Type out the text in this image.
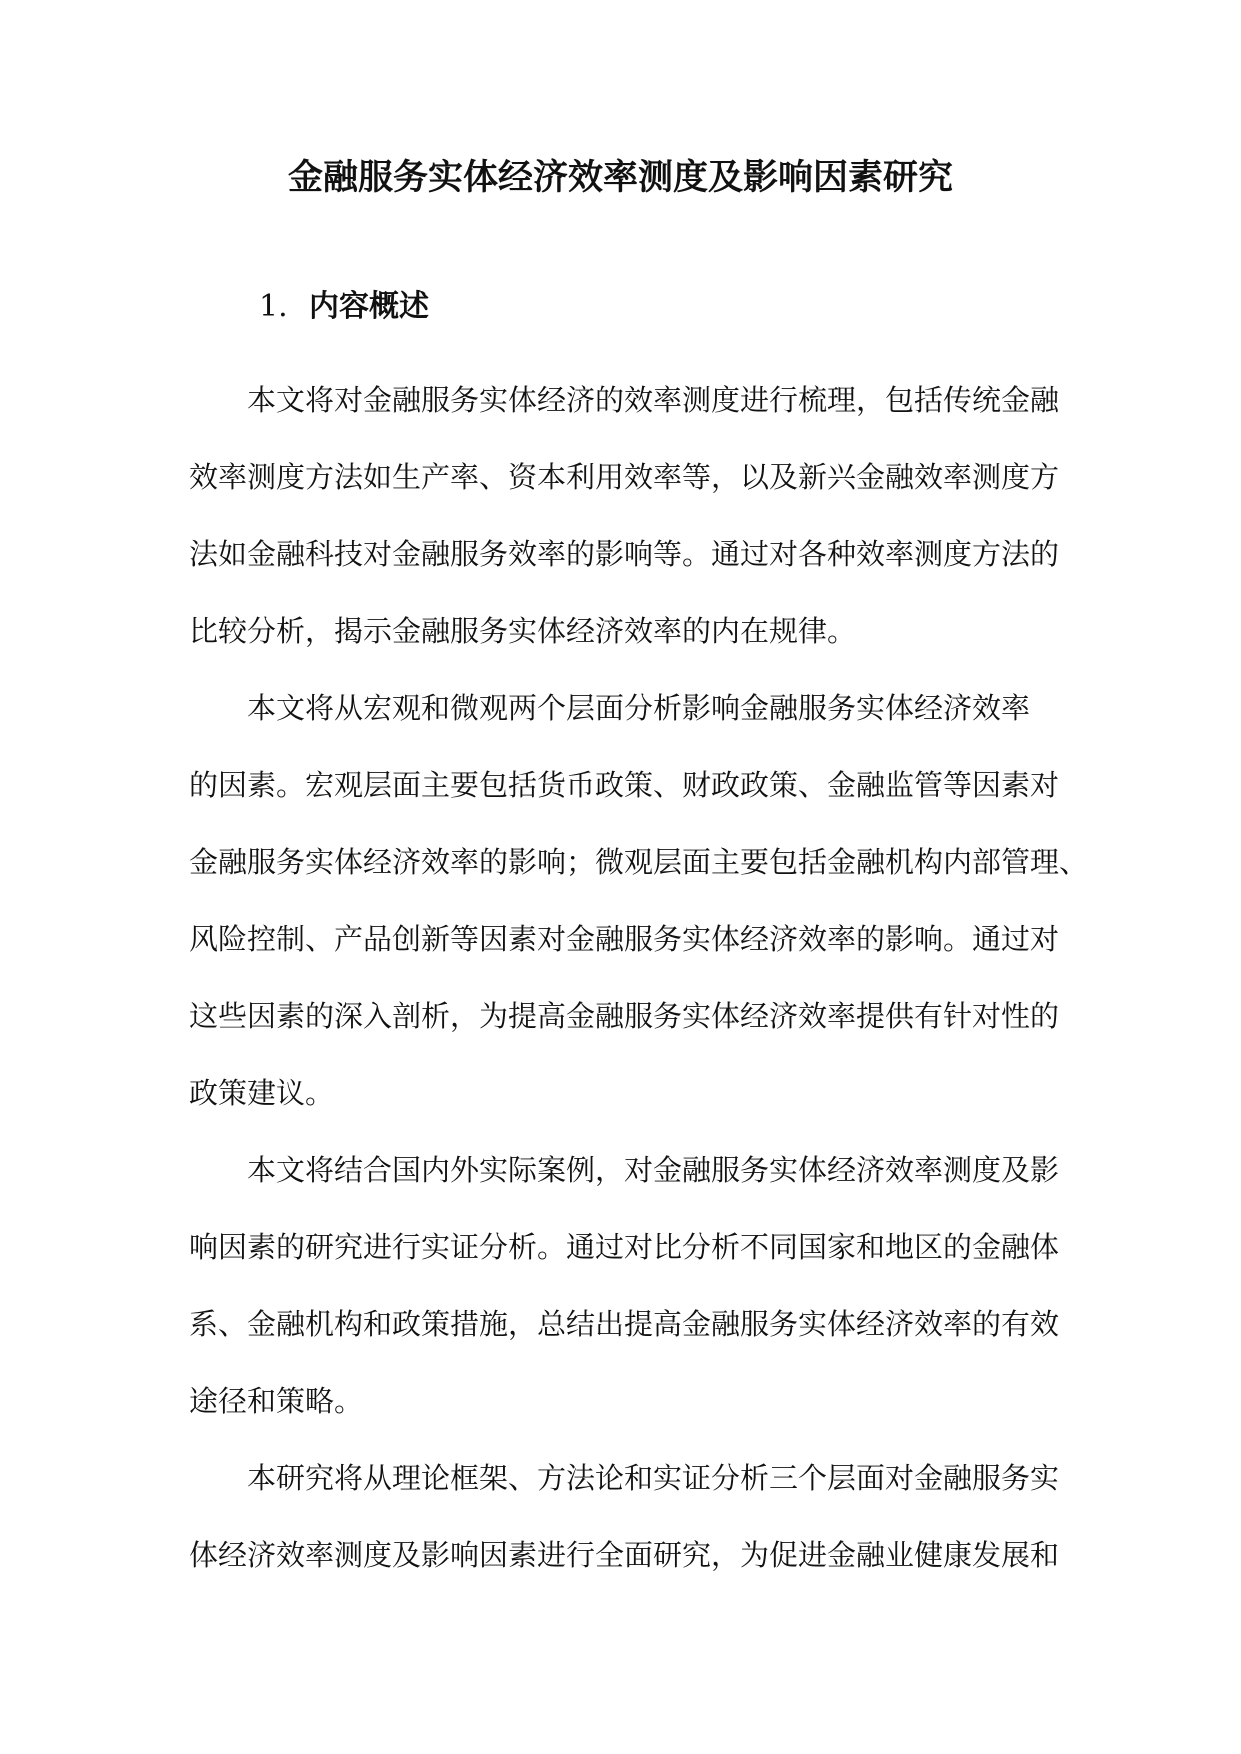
金融服务实体经济效率测度及影响因素研究
1. 内容概述
本文将对金融服务实体经济的效率测度进行梳理，包括传统金融
效率测度方法如生产率、资本利用效率等，以及新兴金融效率测度方
法如金融科技对金融服务效率的影响等。通过对各种效率测度方法的
比较分析，揭示金融服务实体经济效率的内在规律。
本文将从宏观和微观两个层面分析影响金融服务实体经济效率
的因素。宏观层面主要包括货币政策、财政政策、金融监管等因素对
金融服务实体经济效率的影响；微观层面主要包括金融机构内部管理、
风险控制、产品创新等因素对金融服务实体经济效率的影响。通过对
这些因素的深入剖析，为提高金融服务实体经济效率提供有针对性的
政策建议。
本文将结合国内外实际案例，对金融服务实体经济效率测度及影
响因素的研究进行实证分析。通过对比分析不同国家和地区的金融体
系、金融机构和政策措施，总结出提高金融服务实体经济效率的有效
途径和策略。
本研究将从理论框架、方法论和实证分析三个层面对金融服务实
体经济效率测度及影响因素进行全面研究，为促进金融业健康发展和
